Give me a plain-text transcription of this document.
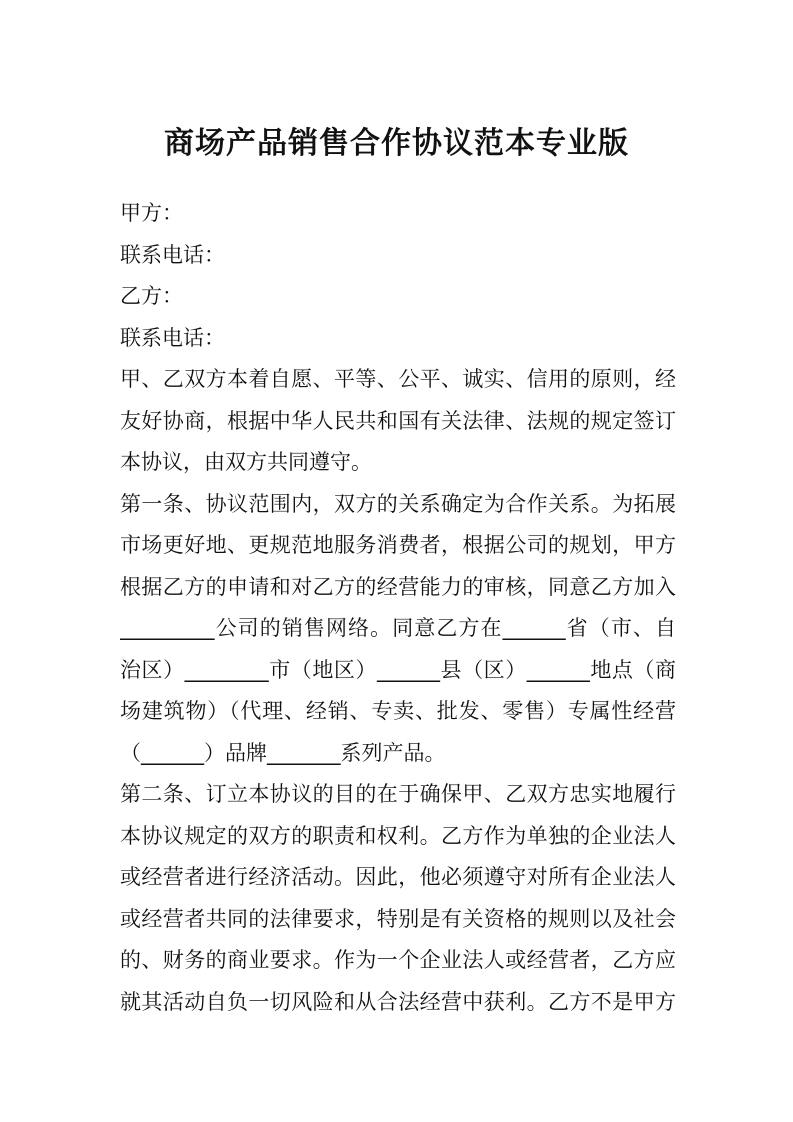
商场产品销售合作协议范本专业版
甲方：
联系电话：
乙方：
联系电话：
甲、乙双方本着自愿、平等、公平、诚实、信用的原则，经
友好协商，根据中华人民共和国有关法律、法规的规定签订
本协议，由双方共同遵守。
第一条、协议范围内，双方的关系确定为合作关系。为拓展
市场更好地、更规范地服务消费者，根据公司的规划，甲方
根据乙方的申请和对乙方的经营能力的审核，同意乙方加入
_________公司的销售网络。同意乙方在______省（市、自
治区）________市（地区）______县（区）______地点（商
场建筑物）（代理、经销、专卖、批发、零售）专属性经营
（______）品牌_______系列产品。
第二条、订立本协议的目的在于确保甲、乙双方忠实地履行
本协议规定的双方的职责和权利。乙方作为单独的企业法人
或经营者进行经济活动。因此，他必须遵守对所有企业法人
或经营者共同的法律要求，特别是有关资格的规则以及社会
的、财务的商业要求。作为一个企业法人或经营者，乙方应
就其活动自负一切风险和从合法经营中获利。乙方不是甲方
